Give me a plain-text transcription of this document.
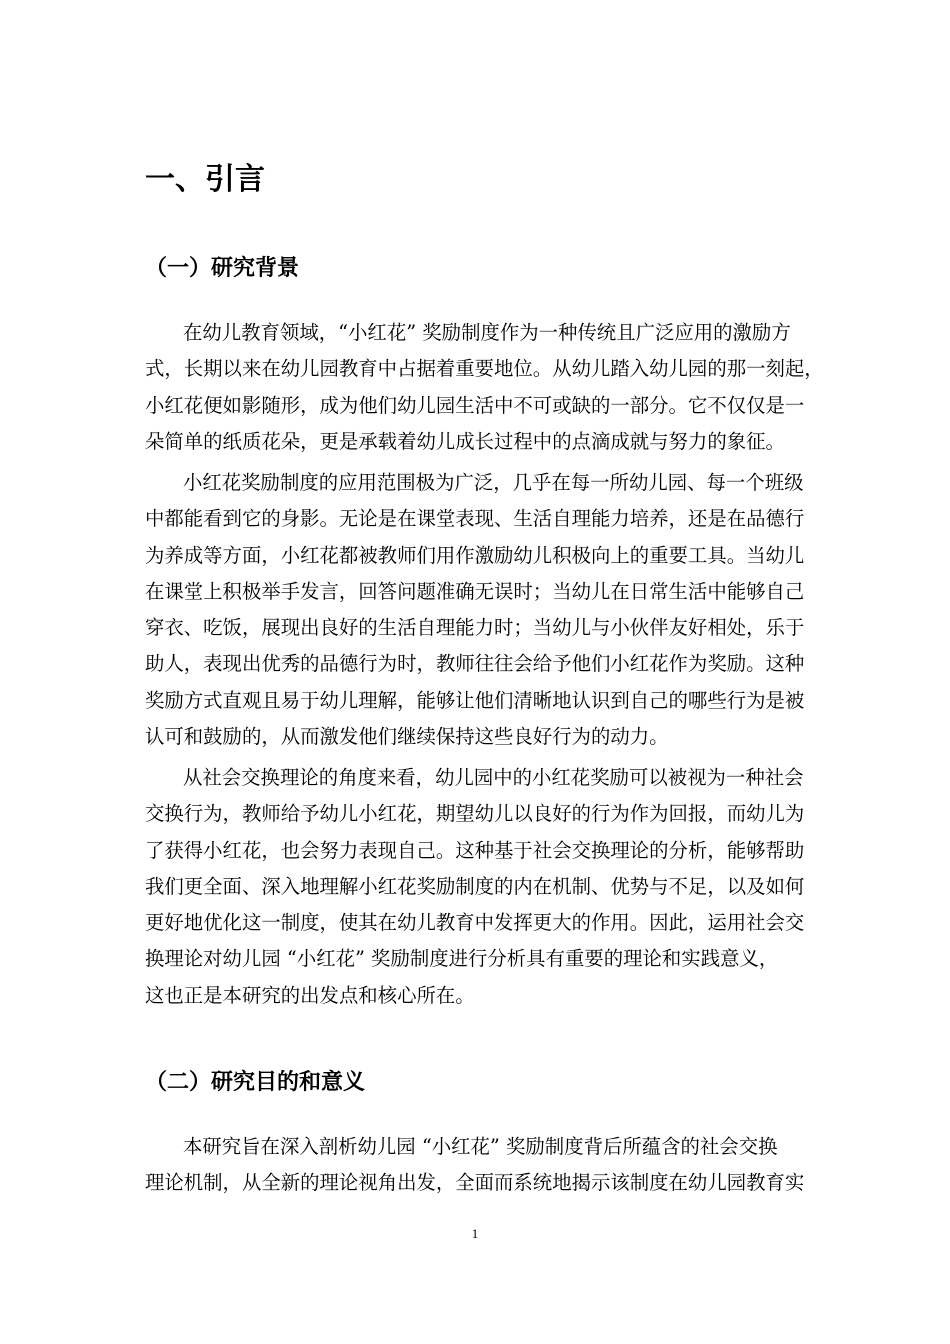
一、引言
（一）研究背景
在幼儿教育领域，“小红花” 奖励制度作为一种传统且广泛应用的激励方
式，长期以来在幼儿园教育中占据着重要地位。从幼儿踏入幼儿园的那一刻起，
小红花便如影随形，成为他们幼儿园生活中不可或缺的一部分。它不仅仅是一
朵简单的纸质花朵，更是承载着幼儿成长过程中的点滴成就与努力的象征。
小红花奖励制度的应用范围极为广泛，几乎在每一所幼儿园、每一个班级
中都能看到它的身影。无论是在课堂表现、生活自理能力培养，还是在品德行
为养成等方面，小红花都被教师们用作激励幼儿积极向上的重要工具。当幼儿
在课堂上积极举手发言，回答问题准确无误时；当幼儿在日常生活中能够自己
穿衣、吃饭，展现出良好的生活自理能力时；当幼儿与小伙伴友好相处，乐于
助人，表现出优秀的品德行为时，教师往往会给予他们小红花作为奖励。这种
奖励方式直观且易于幼儿理解，能够让他们清晰地认识到自己的哪些行为是被
认可和鼓励的，从而激发他们继续保持这些良好行为的动力。
从社会交换理论的角度来看，幼儿园中的小红花奖励可以被视为一种社会
交换行为，教师给予幼儿小红花，期望幼儿以良好的行为作为回报，而幼儿为
了获得小红花，也会努力表现自己。这种基于社会交换理论的分析，能够帮助
我们更全面、深入地理解小红花奖励制度的内在机制、优势与不足，以及如何
更好地优化这一制度，使其在幼儿教育中发挥更大的作用。因此，运用社会交
换理论对幼儿园 “小红花” 奖励制度进行分析具有重要的理论和实践意义，
这也正是本研究的出发点和核心所在。
（二）研究目的和意义
本研究旨在深入剖析幼儿园 “小红花” 奖励制度背后所蕴含的社会交换
理论机制，从全新的理论视角出发，全面而系统地揭示该制度在幼儿园教育实
1
